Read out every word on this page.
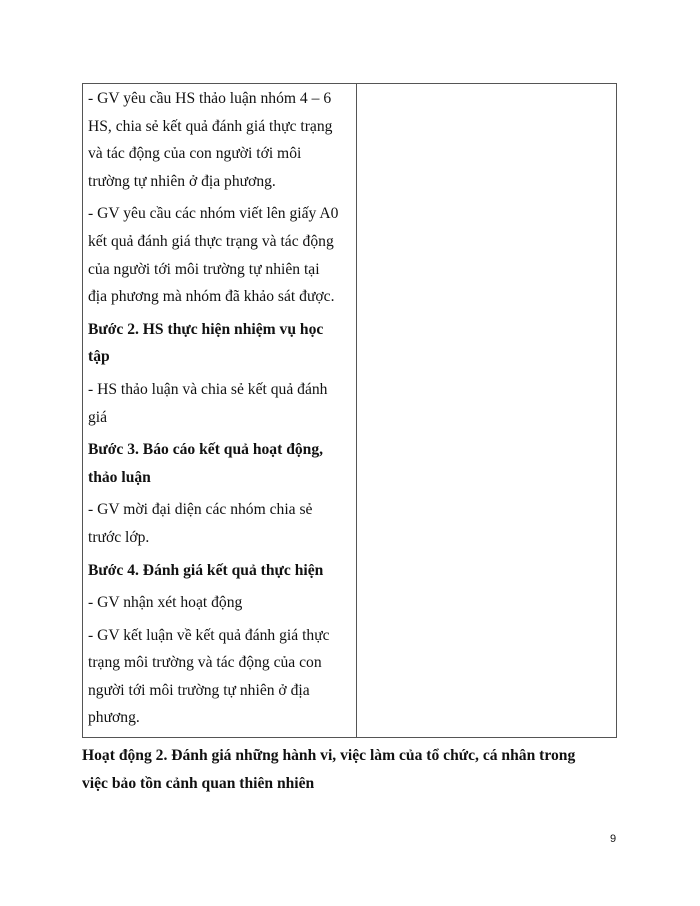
- GV yêu cầu HS thảo luận nhóm 4 – 6
HS, chia sẻ kết quả đánh giá thực trạng
và tác động của con người tới môi
trường tự nhiên ở địa phương.
- GV yêu cầu các nhóm viết lên giấy A0
kết quả đánh giá thực trạng và tác động
của người tới môi trường tự nhiên tại
địa phương mà nhóm đã khảo sát được.
Bước 2. HS thực hiện nhiệm vụ học
tập
- HS thảo luận và chia sẻ kết quả đánh
giá
Bước 3. Báo cáo kết quả hoạt động,
thảo luận
- GV mời đại diện các nhóm chia sẻ
trước lớp.
Bước 4. Đánh giá kết quả thực hiện
- GV nhận xét hoạt động
- GV kết luận về kết quả đánh giá thực
trạng môi trường và tác động của con
người tới môi trường tự nhiên ở địa
phương.
Hoạt động 2. Đánh giá những hành vi, việc làm của tổ chức, cá nhân trong
việc bảo tồn cảnh quan thiên nhiên
9
